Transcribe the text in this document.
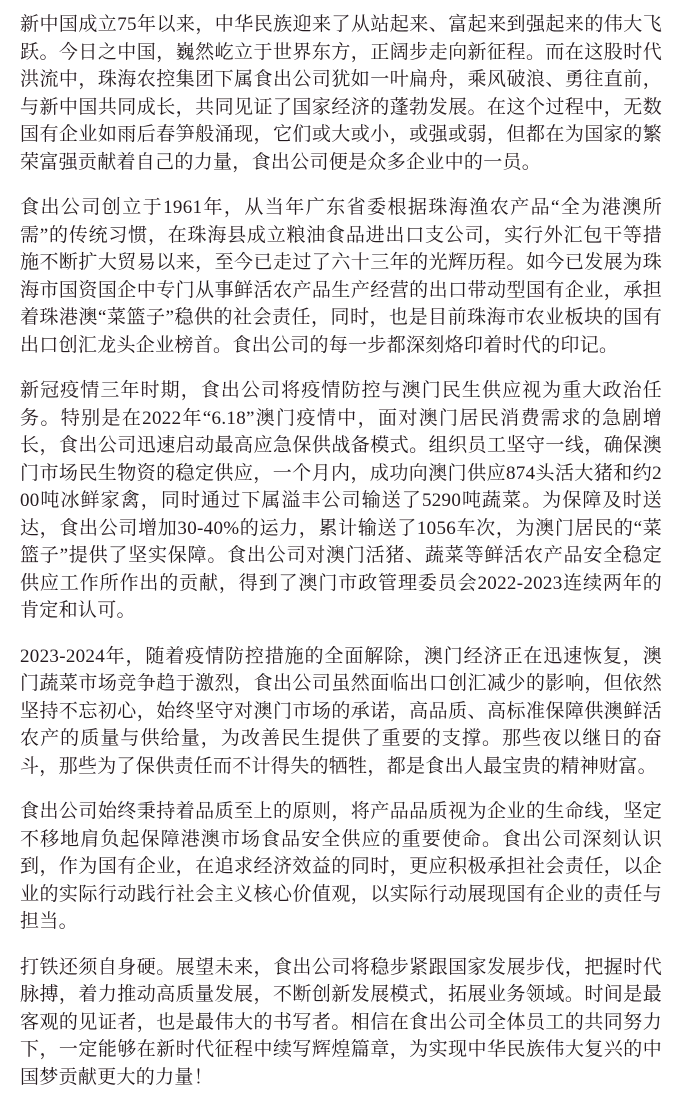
新中国成立75年以来，中华民族迎来了从站起来、富起来到强起来的伟大飞跃。今日之中国，巍然屹立于世界东方，正阔步走向新征程。而在这股时代洪流中，珠海农控集团下属食出公司犹如一叶扁舟，乘风破浪、勇往直前，与新中国共同成长，共同见证了国家经济的蓬勃发展。在这个过程中，无数国有企业如雨后春笋般涌现，它们或大或小，或强或弱，但都在为国家的繁荣富强贡献着自己的力量，食出公司便是众多企业中的一员。

食出公司创立于1961年，从当年广东省委根据珠海渔农产品“全为港澳所需”的传统习惯，在珠海县成立粮油食品进出口支公司，实行外汇包干等措施不断扩大贸易以来，至今已走过了六十三年的光辉历程。如今已发展为珠海市国资国企中专门从事鲜活农产品生产经营的出口带动型国有企业，承担着珠港澳“菜篮子”稳供的社会责任，同时，也是目前珠海市农业板块的国有出口创汇龙头企业榜首。食出公司的每一步都深刻烙印着时代的印记。

新冠疫情三年时期，食出公司将疫情防控与澳门民生供应视为重大政治任务。特别是在2022年“6.18”澳门疫情中，面对澳门居民消费需求的急剧增长，食出公司迅速启动最高应急保供战备模式。组织员工坚守一线，确保澳门市场民生物资的稳定供应，一个月内，成功向澳门供应874头活大猪和约200吨冰鲜家禽，同时通过下属溢丰公司输送了5290吨蔬菜。为保障及时送达，食出公司增加30-40%的运力，累计输送了1056车次，为澳门居民的“菜篮子”提供了坚实保障。食出公司对澳门活猪、蔬菜等鲜活农产品安全稳定供应工作所作出的贡献，得到了澳门市政管理委员会2022-2023连续两年的肯定和认可。

2023-2024年，随着疫情防控措施的全面解除，澳门经济正在迅速恢复，澳门蔬菜市场竞争趋于激烈，食出公司虽然面临出口创汇减少的影响，但依然坚持不忘初心，始终坚守对澳门市场的承诺，高品质、高标准保障供澳鲜活农产的质量与供给量，为改善民生提供了重要的支撑。那些夜以继日的奋斗，那些为了保供责任而不计得失的牺牲，都是食出人最宝贵的精神财富。

食出公司始终秉持着品质至上的原则，将产品品质视为企业的生命线，坚定不移地肩负起保障港澳市场食品安全供应的重要使命。食出公司深刻认识到，作为国有企业，在追求经济效益的同时，更应积极承担社会责任，以企业的实际行动践行社会主义核心价值观，以实际行动展现国有企业的责任与担当。

打铁还须自身硬。展望未来，食出公司将稳步紧跟国家发展步伐，把握时代脉搏，着力推动高质量发展，不断创新发展模式，拓展业务领域。时间是最客观的见证者，也是最伟大的书写者。相信在食出公司全体员工的共同努力下，一定能够在新时代征程中续写辉煌篇章，为实现中华民族伟大复兴的中国梦贡献更大的力量！
